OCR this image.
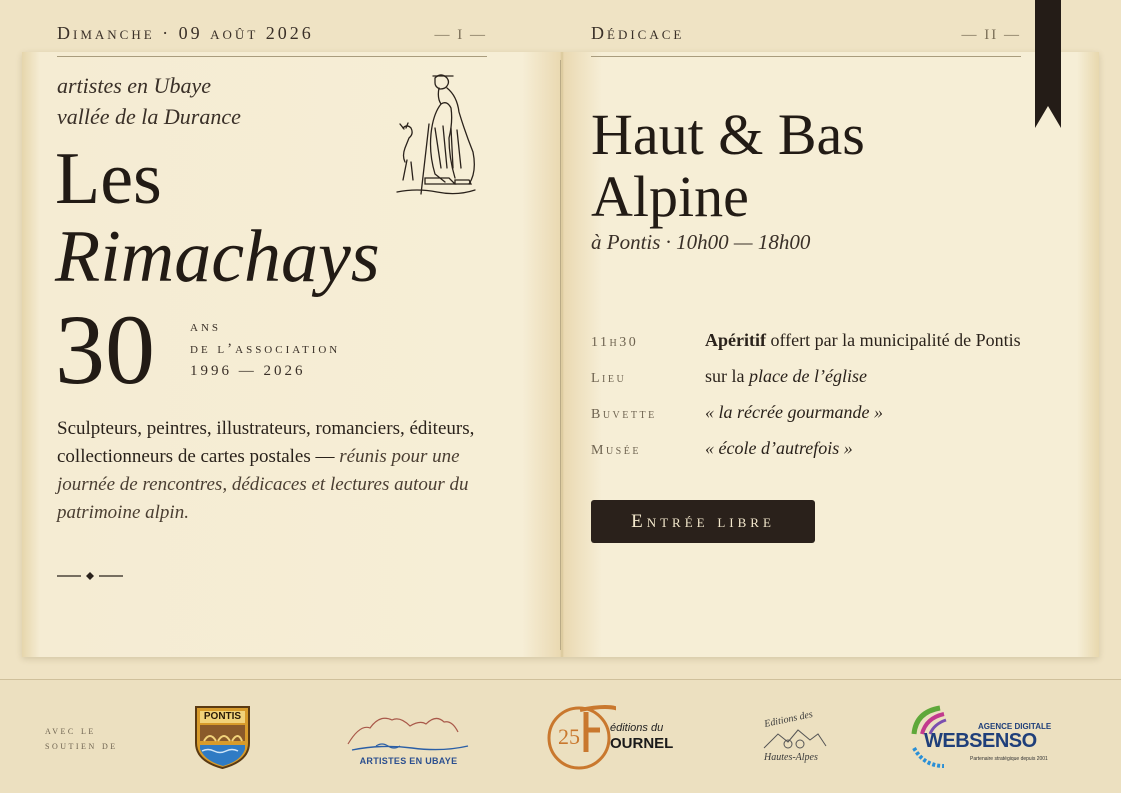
Dimanche · 09 août 2026	— I —
artistes en Ubaye
vallée de la Durance
Les
Rimachays
30 ans
de l’association
1996 — 2026

Sculpteurs, peintres, illustrateurs, romanciers, éditeurs, collectionneurs de cartes postales — réunis pour une journée de rencontres, dédicaces et lectures autour du patrimoine alpin.

Dédicace	— II —
Haut & Bas
Alpine
à Pontis · 10h00 — 18h00
11h30	Apéritif offert par la municipalité de Pontis
Lieu	sur la place de l’église
Buvette	« la récrée gourmande »
Musée	« école d’autrefois »
Entrée libre
avec le
soutien de
PONTIS
ARTISTES EN UBAYE
25	éditions du
OURNEL
Editions des
Hautes-Alpes
AGENCE DIGITALE
WEBSENSO
Partenaire stratégique depuis 2001
